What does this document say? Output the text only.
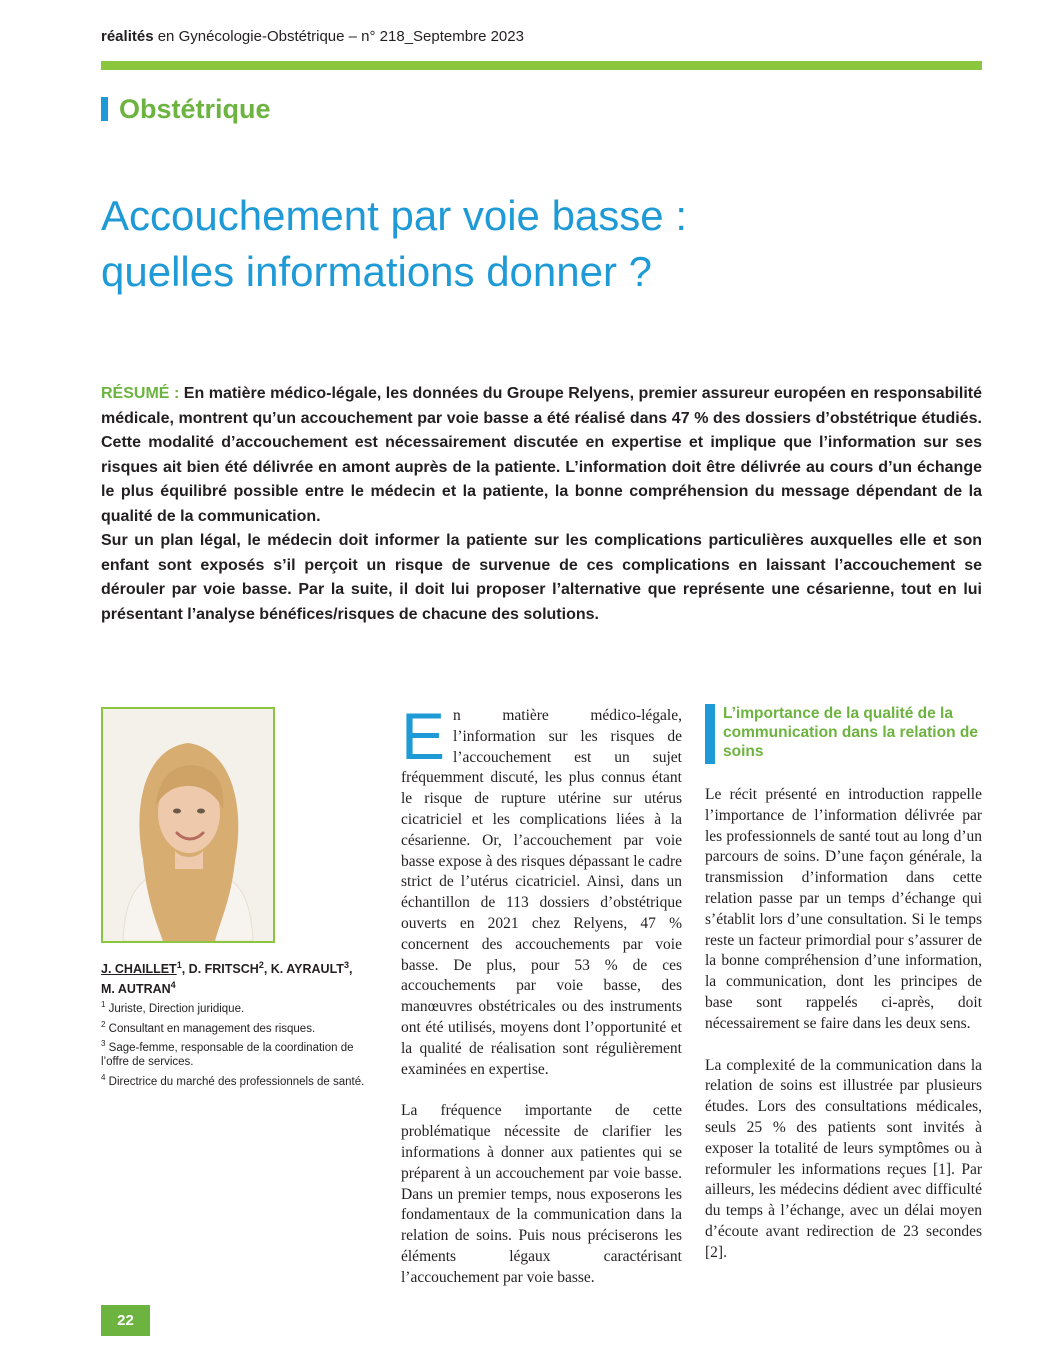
réalités en Gynécologie-Obstétrique – n° 218_Septembre 2023
Obstétrique
Accouchement par voie basse :
quelles informations donner ?

RÉSUMÉ : En matière médico-légale, les données du Groupe Relyens, premier assureur européen en responsabilité médicale, montrent qu’un accouchement par voie basse a été réalisé dans 47 % des dossiers d’obstétrique étudiés. Cette modalité d’accouchement est nécessairement discutée en expertise et implique que l’information sur ses risques ait bien été délivrée en amont auprès de la patiente. L’information doit être délivrée au cours d’un échange le plus équilibré possible entre le médecin et la patiente, la bonne compréhension du message dépendant de la qualité de la communication.

Sur un plan légal, le médecin doit informer la patiente sur les complications particulières auxquelles elle et son enfant sont exposés s’il perçoit un risque de survenue de ces complications en laissant l’accouchement se dérouler par voie basse. Par la suite, il doit lui proposer l’alternative que représente une césarienne, tout en lui présentant l’analyse bénéfices/risques de chacune des solutions.

J. CHAILLET$^1$, D. FRITSCH$^2$, K. AYRAULT$^3$,
M. AUTRAN$^4$
$^1$ Juriste, Direction juridique.
$^2$ Consultant en management des risques.
$^3$ Sage-femme, responsable de la coordination de l’offre de services.
$^4$ Directrice du marché des professionnels de santé.

En matière médico-légale, l’information sur les risques de l’accouchement est un sujet fréquemment discuté, les plus connus étant le risque de rupture utérine sur utérus cicatriciel et les complications liées à la césarienne. Or, l’accouchement par voie basse expose à des risques dépassant le cadre strict de l’utérus cicatriciel. Ainsi, dans un échantillon de 113 dossiers d’obstétrique ouverts en 2021 chez Relyens, 47 % concernent des accouchements par voie basse. De plus, pour 53 % de ces accouchements par voie basse, des manœuvres obstétricales ou des instruments ont été utilisés, moyens dont l’opportunité et la qualité de réalisation sont régulièrement examinées en expertise.

La fréquence importante de cette problématique nécessite de clarifier les informations à donner aux patientes qui se préparent à un accouchement par voie basse. Dans un premier temps, nous exposerons les fondamentaux de la communication dans la relation de soins. Puis nous préciserons les éléments légaux caractérisant l’accouchement par voie basse.

L’importance de la qualité de la communication dans la relation de soins

Le récit présenté en introduction rappelle l’importance de l’information délivrée par les professionnels de santé tout au long d’un parcours de soins. D’une façon générale, la transmission d’information dans cette relation passe par un temps d’échange qui s’établit lors d’une consultation. Si le temps reste un facteur primordial pour s’assurer de la bonne compréhension d’une information, la communication, dont les principes de base sont rappelés ci-après, doit nécessairement se faire dans les deux sens.

La complexité de la communication dans la relation de soins est illustrée par plusieurs études. Lors des consultations médicales, seuls 25 % des patients sont invités à exposer la totalité de leurs symptômes ou à reformuler les informations reçues [1]. Par ailleurs, les médecins dédient avec difficulté du temps à l’échange, avec un délai moyen d’écoute avant redirection de 23 secondes [2].

22
